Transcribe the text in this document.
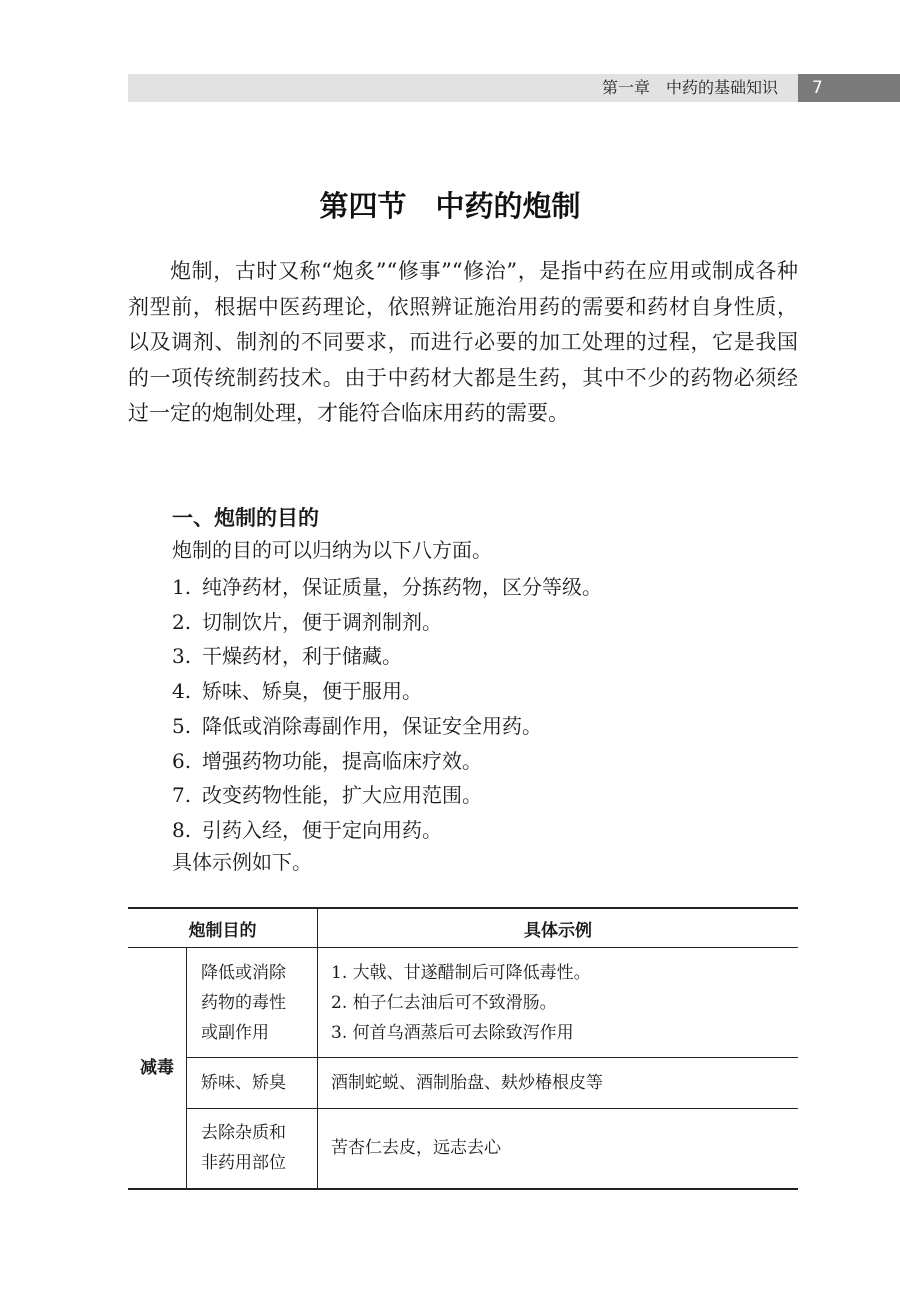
第一章　中药的基础知识 7
第四节　中药的炮制

炮制，古时又称“炮炙”“修事”“修治”，是指中药在应用或制成各种剂型前，根据中医药理论，依照辨证施治用药的需要和药材自身性质，以及调剂、制剂的不同要求，而进行必要的加工处理的过程，它是我国的一项传统制药技术。由于中药材大都是生药，其中不少的药物必须经过一定的炮制处理，才能符合临床用药的需要。

一、炮制的目的

炮制的目的可以归纳为以下八方面。

1. 纯净药材，保证质量，分拣药物，区分等级。
2. 切制饮片，便于调剂制剂。
3. 干燥药材，利于储藏。
4. 矫味、矫臭，便于服用。
5. 降低或消除毒副作用，保证安全用药。
6. 增强药物功能，提高临床疗效。
7. 改变药物性能，扩大应用范围。
8. 引药入经，便于定向用药。

具体示例如下。

炮制目的		具体示例
减毒	降低或消除
药物的毒性
或副作用	1. 大戟、甘遂醋制后可降低毒性。
2. 柏子仁去油后可不致滑肠。
3. 何首乌酒蒸后可去除致泻作用

	矫味、矫臭	酒制蛇蜕、酒制胎盘、麸炒椿根皮等

	去除杂质和
非药用部位	苦杏仁去皮，远志去心
